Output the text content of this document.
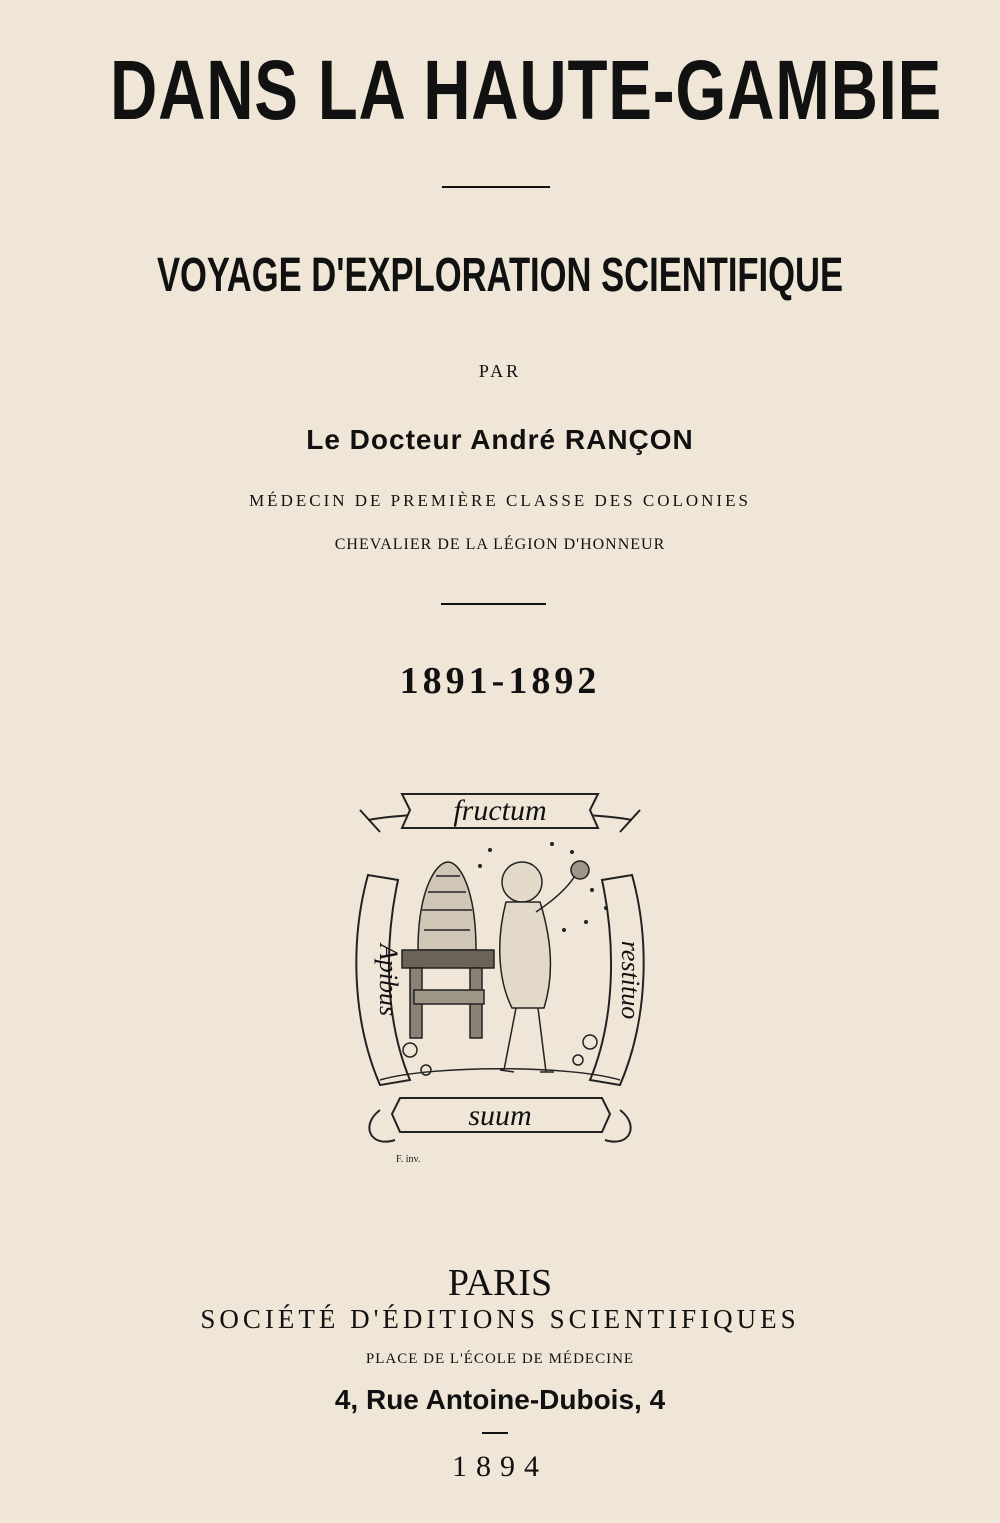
DANS LA HAUTE-GAMBIE
VOYAGE D'EXPLORATION SCIENTIFIQUE
PAR
Le Docteur André RANÇON
MÉDECIN DE PREMIÈRE CLASSE DES COLONIES
CHEVALIER DE LA LÉGION D'HONNEUR
1891-1892
fructum
Apibus	restituo
suum
F. inv.
PARIS
SOCIÉTÉ D'ÉDITIONS SCIENTIFIQUES
PLACE DE L'ÉCOLE DE MÉDECINE
4, Rue Antoine-Dubois, 4
1894
